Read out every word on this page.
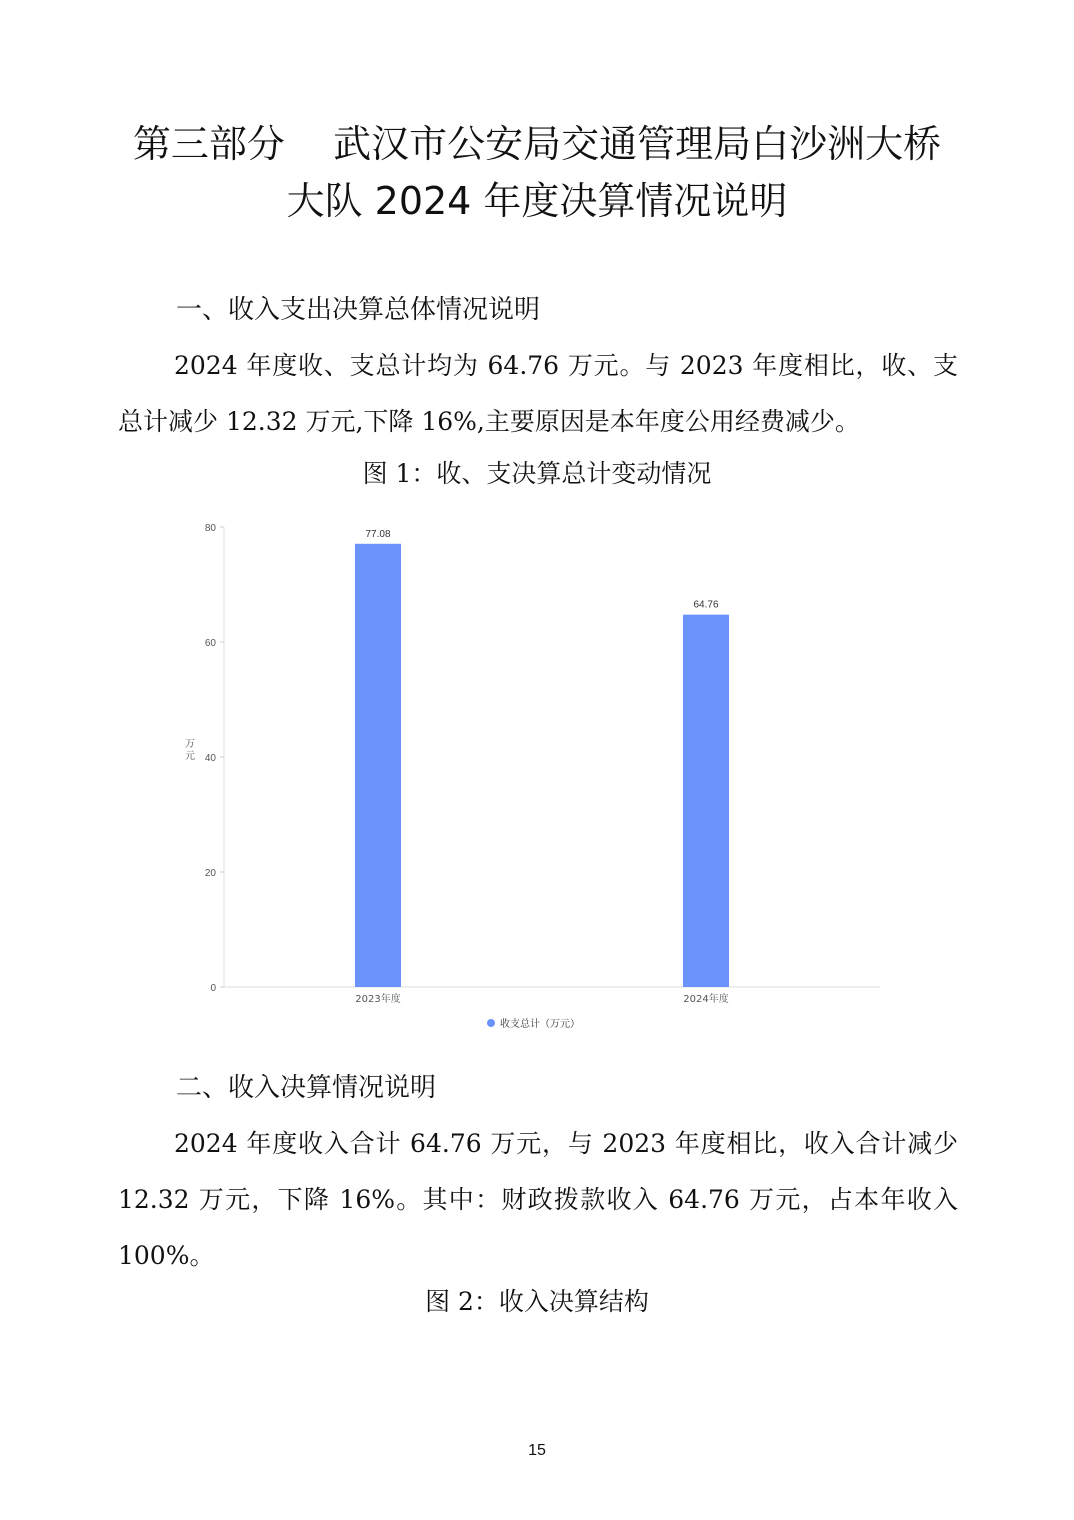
第三部分    武汉市公安局交通管理局白沙洲大桥
大队 2024 年度决算情况说明
一、收入支出决算总体情况说明
2024 年度收、支总计均为 64.76 万元。与 2023 年度相比，收、支总计减少 12.32 万元,下降 16%,主要原因是本年度公用经费减少。
图 1：收、支决算总计变动情况
0
20
40
60
80
万元
77.08
2023年度
64.76
2024年度
收支总计（万元）
二、收入决算情况说明
2024 年度收入合计 64.76 万元，与 2023 年度相比，收入合计减少 12.32 万元，下降 16%。其中：财政拨款收入 64.76 万元，占本年收入 100%。
图 2：收入决算结构
15
